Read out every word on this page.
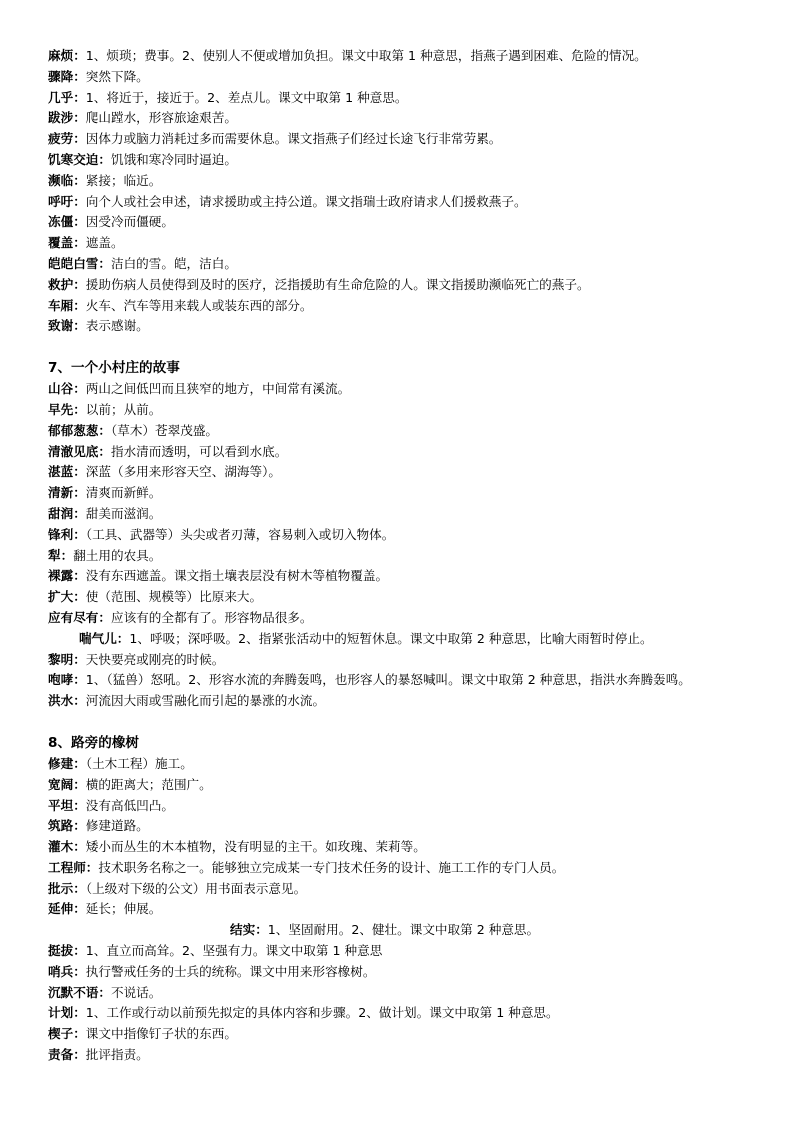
麻烦：1、烦琐；费事。2、使别人不便或增加负担。课文中取第 1 种意思，指燕子遇到困难、危险的情况。
骤降：突然下降。
几乎：1、将近于，接近于。2、差点儿。课文中取第 1 种意思。
跋涉：爬山蹚水，形容旅途艰苦。
疲劳：因体力或脑力消耗过多而需要休息。课文指燕子们经过长途飞行非常劳累。
饥寒交迫：饥饿和寒冷同时逼迫。
濒临：紧接；临近。
呼吁：向个人或社会申述，请求援助或主持公道。课文指瑞士政府请求人们援救燕子。
冻僵：因受冷而僵硬。
覆盖：遮盖。
皑皑白雪：洁白的雪。皑，洁白。
救护：援助伤病人员使得到及时的医疗，泛指援助有生命危险的人。课文指援助濒临死亡的燕子。
车厢：火车、汽车等用来载人或装东西的部分。
致谢：表示感谢。
7、一个小村庄的故事
山谷：两山之间低凹而且狭窄的地方，中间常有溪流。
早先：以前；从前。
郁郁葱葱：（草木）苍翠茂盛。
清澈见底：指水清而透明，可以看到水底。
湛蓝：深蓝（多用来形容天空、湖海等）。
清新：清爽而新鲜。
甜润：甜美而滋润。
锋利：（工具、武器等）头尖或者刃薄，容易刺入或切入物体。
犁：翻土用的农具。
裸露：没有东西遮盖。课文指土壤表层没有树木等植物覆盖。
扩大：使（范围、规模等）比原来大。
应有尽有：应该有的全都有了。形容物品很多。
喘气儿：1、呼吸；深呼吸。2、指紧张活动中的短暂休息。课文中取第 2 种意思，比喻大雨暂时停止。
黎明：天快要亮或刚亮的时候。
咆哮：1、（猛兽）怒吼。2、形容水流的奔腾轰鸣，也形容人的暴怒喊叫。课文中取第 2 种意思，指洪水奔腾轰鸣。
洪水：河流因大雨或雪融化而引起的暴涨的水流。
8、路旁的橡树
修建：（土木工程）施工。
宽阔：横的距离大；范围广。
平坦：没有高低凹凸。
筑路：修建道路。
灌木：矮小而丛生的木本植物，没有明显的主干。如玫瑰、茉莉等。
工程师：技术职务名称之一。能够独立完成某一专门技术任务的设计、施工工作的专门人员。
批示：（上级对下级的公文）用书面表示意见。
延伸：延长；伸展。
结实：1、坚固耐用。2、健壮。课文中取第 2 种意思。
挺拔：1、直立而高耸。2、坚强有力。课文中取第 1 种意思
哨兵：执行警戒任务的士兵的统称。课文中用来形容橡树。
沉默不语：不说话。
计划：1、工作或行动以前预先拟定的具体内容和步骤。2、做计划。课文中取第 1 种意思。
楔子：课文中指像钉子状的东西。
责备：批评指责。
